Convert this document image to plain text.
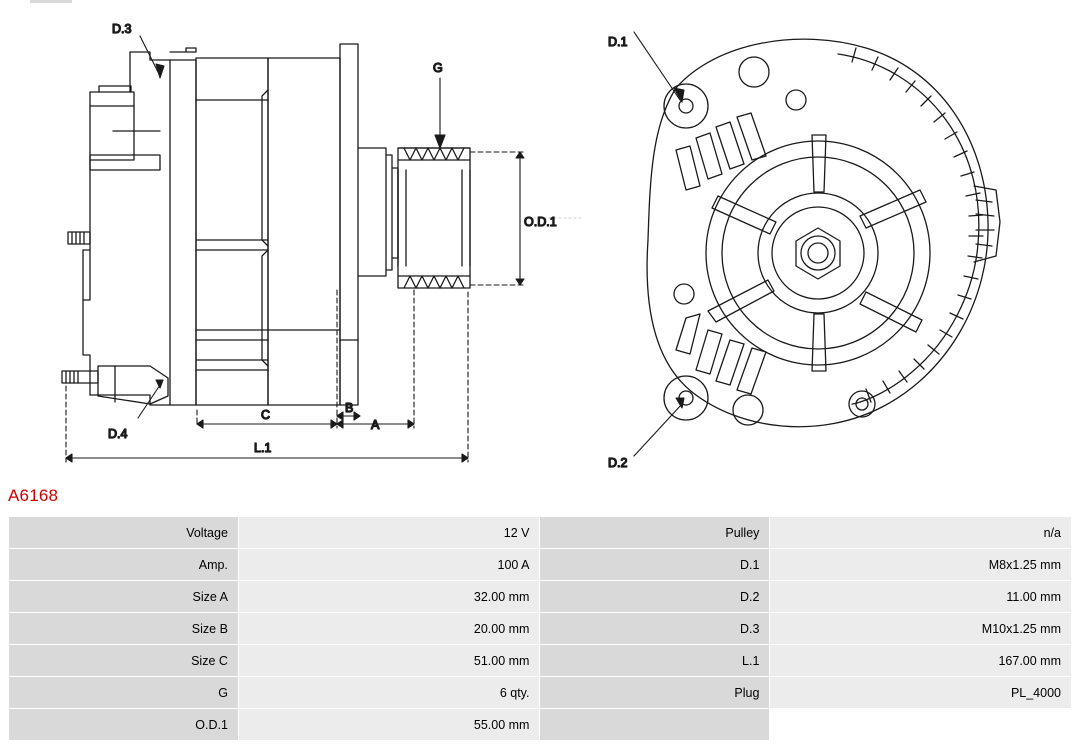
D.3
D.4
G
O.D.1
A
B
C
L.1
D.1
D.2
A6168
Voltage	12 V	Pulley	n/a
Amp.	100 A	D.1	M8x1.25 mm
Size A	32.00 mm	D.2	11.00 mm
Size B	20.00 mm	D.3	M10x1.25 mm
Size C	51.00 mm	L.1	167.00 mm
G	6 qty.	Plug	PL_4000
O.D.1	55.00 mm		
